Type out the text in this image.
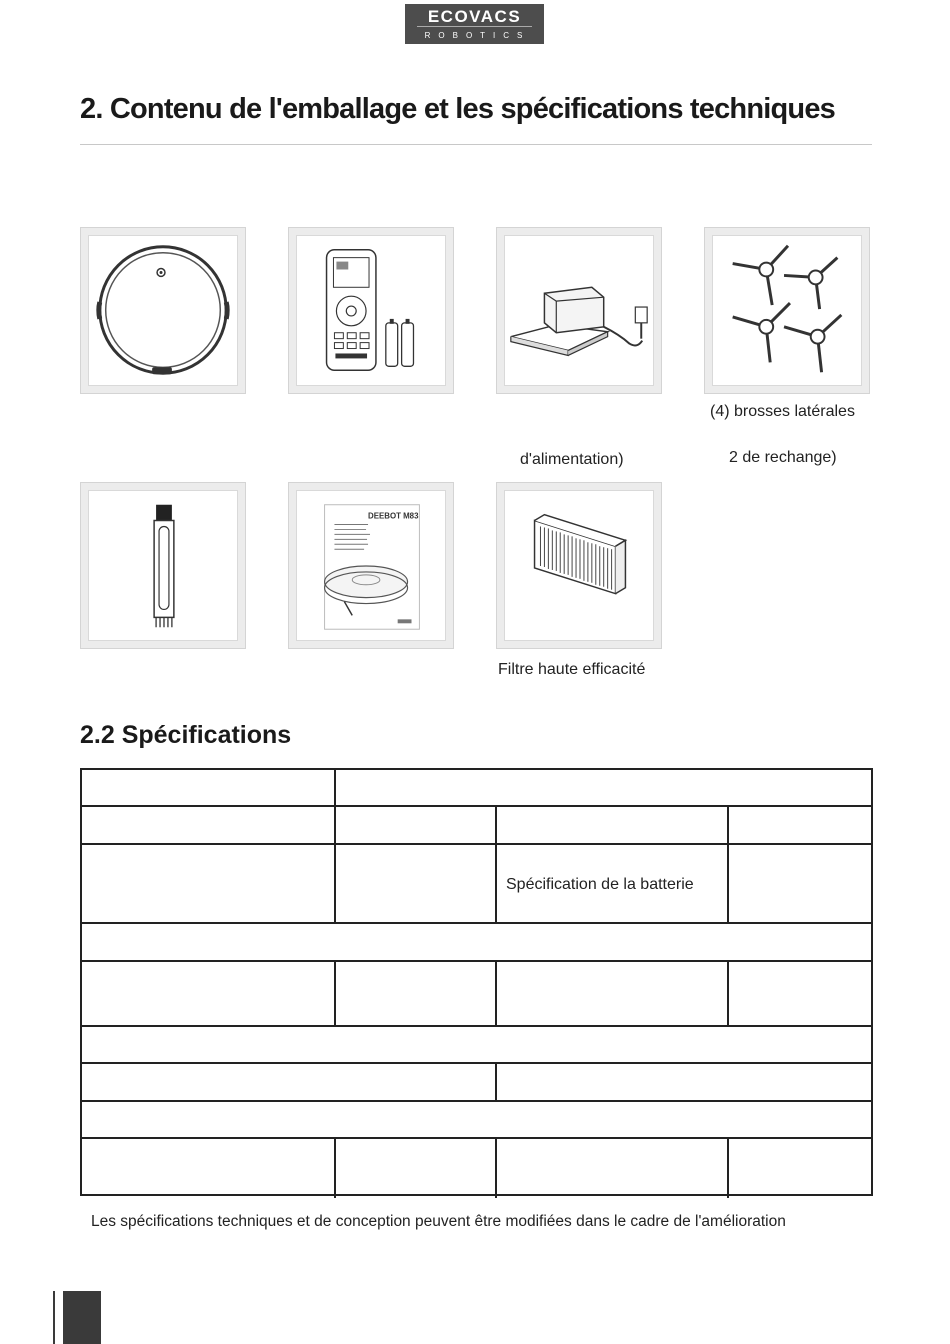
ECOVACS
ROBOTICS
2. Contenu de l'emballage et les spécifications techniques
(4) brosses latérales
d'alimentation)	2 de rechange)
DEEBOT M83
Filtre haute efficacité
2.2 Spécifications
Spécification de la batterie
Les spécifications techniques et de conception peuvent être modifiées dans le cadre de l'amélioration
